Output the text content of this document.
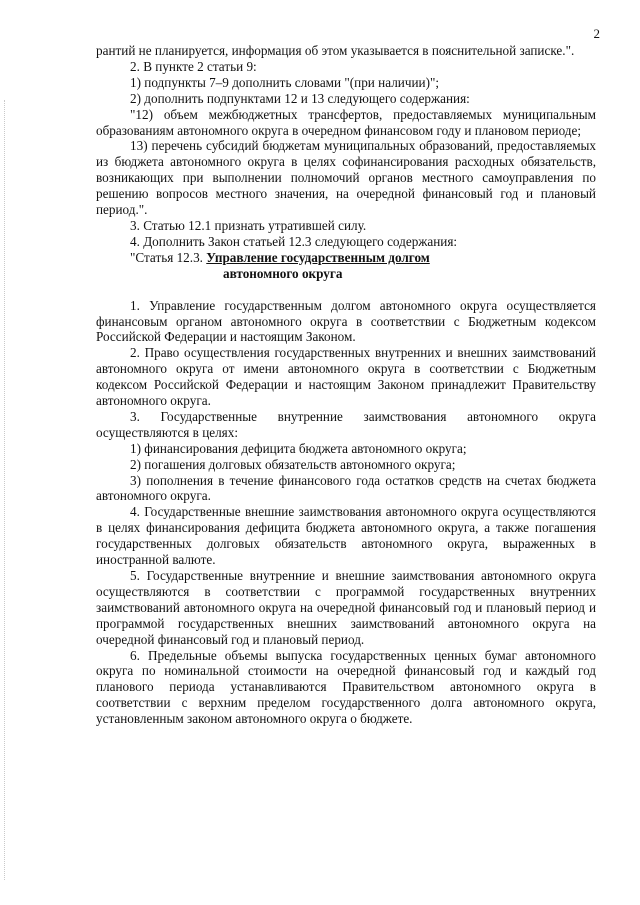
2

рантий не планируется, информация об этом указывается в пояснительной записке.".

2. В пункте 2 статьи 9:

1) подпункты 7–9 дополнить словами "(при наличии)";

2) дополнить подпунктами 12 и 13 следующего содержания:

"12) объем межбюджетных трансфертов, предоставляемых муниципальным образованиям автономного округа в очередном финансовом году и плановом периоде;

13) перечень субсидий бюджетам муниципальных образований, предоставляемых из бюджета автономного округа в целях софинансирования расходных обязательств, возникающих при выполнении полномочий органов местного самоуправления по решению вопросов местного значения, на очередной финансовый год и плановый период.".

3. Статью 12.1 признать утратившей силу.

4. Дополнить Закон статьей 12.3 следующего содержания:

"Статья 12.3. Управление государственным долгом

автономного округа

1. Управление государственным долгом автономного округа осуществляется финансовым органом автономного округа в соответствии с Бюджетным кодексом Российской Федерации и настоящим Законом.

2. Право осуществления государственных внутренних и внешних заимствований автономного округа от имени автономного округа в соответствии с Бюджетным кодексом Российской Федерации и настоящим Законом принадлежит Правительству автономного округа.

3. Государственные внутренние заимствования автономного округа осуществляются в целях:

1) финансирования дефицита бюджета автономного округа;

2) погашения долговых обязательств автономного округа;

3) пополнения в течение финансового года остатков средств на счетах бюджета автономного округа.

4. Государственные внешние заимствования автономного округа осуществляются в целях финансирования дефицита бюджета автономного округа, а также погашения государственных долговых обязательств автономного округа, выраженных в иностранной валюте.

5. Государственные внутренние и внешние заимствования автономного округа осуществляются в соответствии с программой государственных внутренних заимствований автономного округа на очередной финансовый год и плановый период и программой государственных внешних заимствований автономного округа на очередной финансовый год и плановый период.

6. Предельные объемы выпуска государственных ценных бумаг автономного округа по номинальной стоимости на очередной финансовый год и каждый год планового периода устанавливаются Правительством автономного округа в соответствии с верхним пределом государственного долга автономного округа, установленным законом автономного округа о бюджете.
